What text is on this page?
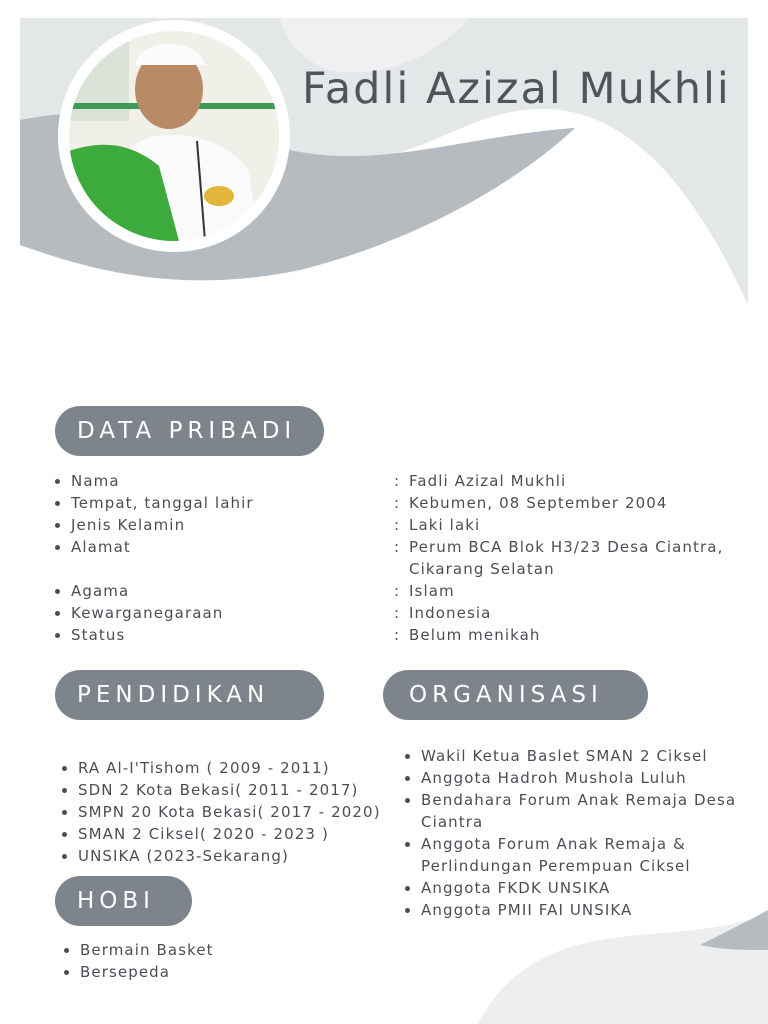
Fadli Azizal Mukhli
DATA PRIBADI
Nama	: Fadli Azizal Mukhli
Tempat, tanggal lahir	: Kebumen, 08 September 2004
Jenis Kelamin	: Laki laki
Alamat	: Perum BCA Blok H3/23 Desa Ciantra,
Cikarang Selatan
Agama	: Islam
Kewarganegaraan	: Indonesia
Status	: Belum menikah
PENDIDIKAN
RA Al-I'Tishom ( 2009 - 2011)
SDN 2 Kota Bekasi( 2011 - 2017)
SMPN 20 Kota Bekasi( 2017 - 2020)
SMAN 2 Ciksel( 2020 - 2023 )
UNSIKA (2023-Sekarang)
ORGANISASI
Wakil Ketua Baslet SMAN 2 Ciksel
Anggota Hadroh Mushola Luluh
Bendahara Forum Anak Remaja Desa
Ciantra
Anggota Forum Anak Remaja &
Perlindungan Perempuan Ciksel
Anggota FKDK UNSIKA
Anggota PMII FAI UNSIKA
HOBI
Bermain Basket
Bersepeda
